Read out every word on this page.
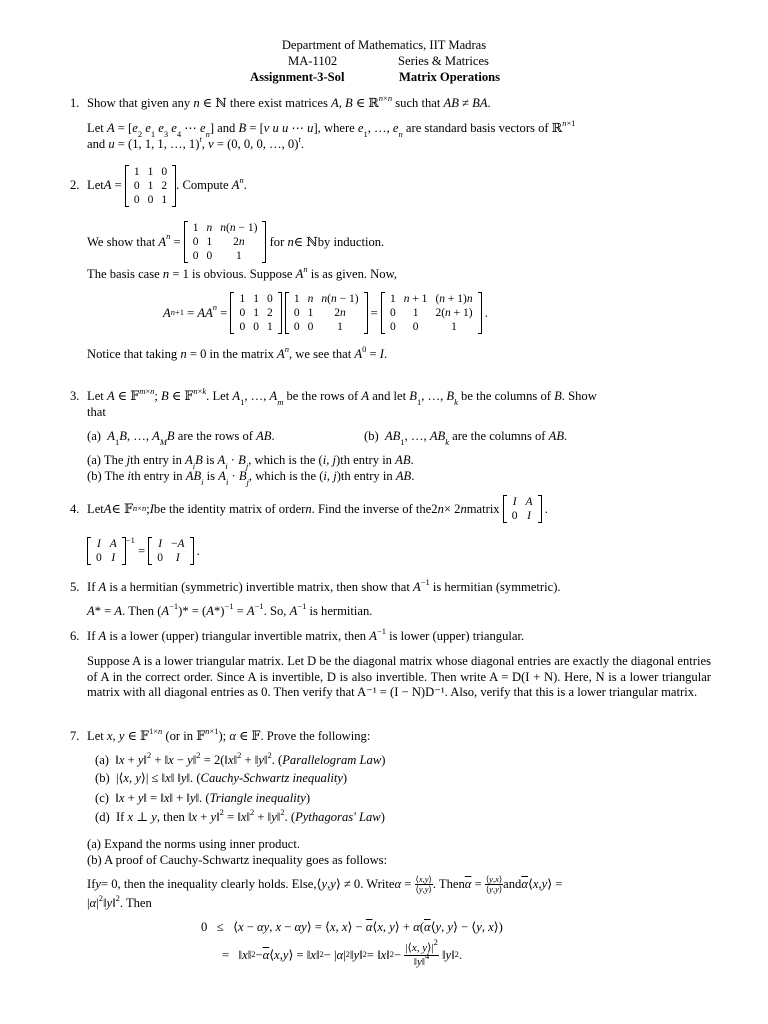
Department of Mathematics, IIT Madras
MA-1102	Series & Matrices
Assignment-3-Sol	Matrix Operations
1. Show that given any n ∈ ℕ there exist matrices A, B ∈ ℝ$^{n\times n}$ such that AB ≠ BA.
Let $A = [e_2$ $e_1$ $e_3$ $e_4$ ⋯ $e_n$] and B = [v u u ⋯ u], where $e_1$, …, $e_n$ are standard basis vectors of ℝ$^{n\times 1}$
and u = (1, 1, 1, …, 1)$^t$, v = (0, 0, 0, …, 0)$^t$.
2. Let A =
1	1	0
0	1	2
0	0	1
. Compute
$A^n$ .
We show that
$A^n$ =
1	n	n(n − 1)
0	1	2n
0	0	1

for
n ∈ ℕ by induction.
The basis case n = 1 is obvious. Suppose $A^n$ is as given. Now,
A $^{n+1} = AA^n$ =
1	1	0
0	1	2
0	0	1

1	n	n(n − 1)
0	1	2n
0	0	1
=
1	n + 1	(n + 1)n
0	1	2(n + 1)
0	0	1
.
Notice that taking n = 0 in the matrix $A^n$, we see that $A^0 = I$.
3. Let A ∈ 𝔽$^{m\times n}$; B ∈ 𝔽$^{n\times k}$. Let $A_1$, …, $A_m$ be the rows of A and let $B_1$, …, $B_k$ be the columns of B. Show
that
(a) $A_1B$, …, $A_MB$ are the rows of AB.	(b) $AB_1$, …, $AB_k$ are the columns of AB.
(a) The jth entry in $A_iB$ is $A_i \cdot B_j$, which is the (i, j)th entry in AB.
(b) The ith entry in $AB_i$ is $A_i \cdot B_j$, which is the (i, j)th entry in AB.
4. Let A ∈ 𝔽 $^{n\times n}$ ; I be the identity matrix of order n . Find the inverse of the 2 n × 2 n matrix
I	A
0	I
.
I	A
0	I
$^{-1}$
= I	−A
0	I
.
5. If A is a hermitian (symmetric) invertible matrix, then show that $A^{-1}$ is hermitian (symmetric).
A* = A. Then $(A^{-1})* = (A*)^{-1} = A^{-1}$. So, $A^{-1}$ is hermitian.
6. If A is a lower (upper) triangular invertible matrix, then $A^{-1}$ is lower (upper) triangular.
Suppose A is a lower triangular matrix. Let D be the diagonal matrix whose diagonal entries are exactly the diagonal entries of A in the correct order. Since A is invertible, D is also invertible. Then write A = D(I + N). Here, N is a lower triangular matrix with all diagonal entries as 0. Then verify that A⁻¹ = (I − N)D⁻¹. Also, verify that this is a lower triangular matrix.
7. Let x, y ∈ 𝔽$^{1\times n}$ (or in 𝔽$^{n\times 1}$); α ∈ 𝔽. Prove the following:
(a)  ‖x + y‖$^2$ + ‖x − y‖$^2$ = 2(‖x‖$^2$ + ‖y‖$^2$. (Parallelogram Law)
(b)  |⟨x, y⟩| ≤ ‖x‖ ‖y‖. (Cauchy-Schwartz inequality)
(c)  ‖x + y‖ = ‖x‖ + ‖y‖. (Triangle inequality)
(d)  If x ⊥ y, then ‖x + y‖$^2$ = ‖x‖$^2$ + ‖y‖$^2$. (Pythagoras' Law)
(a) Expand the norms using inner product.
(b) A proof of Cauchy-Schwartz inequality goes as follows:
If y = 0 , then the inequality clearly holds. Else, ⟨ y , y ⟩ ≠ 0 . Write $\alpha = \frac{⟨x,y⟩}{⟨y,y⟩}$ . Then $\overline{\alpha} = \frac{⟨y,x⟩}{⟨y,y⟩}$ and $\overline{\alpha}$ ⟨ x , y ⟩ =
$|\alpha|^2‖y‖^2$. Then
0   ≤   ⟨x − αy, x − αy⟩ = ⟨x, x⟩ − $\overline{\alpha}⟨x$, y⟩ + $\alpha(\overline{\alpha}⟨y$, y⟩ − ⟨y, x⟩)
=   ‖ x ‖$^2$ − $\overline{\alpha}$ ⟨ x , y ⟩ = ‖ x ‖$^2$ − | α $|^2$ ‖ y ‖$^2$ = ‖ x ‖$^2$ − $\frac{|⟨x, y⟩|^2}{‖y‖^4}$ ‖ y ‖$^2$ .
